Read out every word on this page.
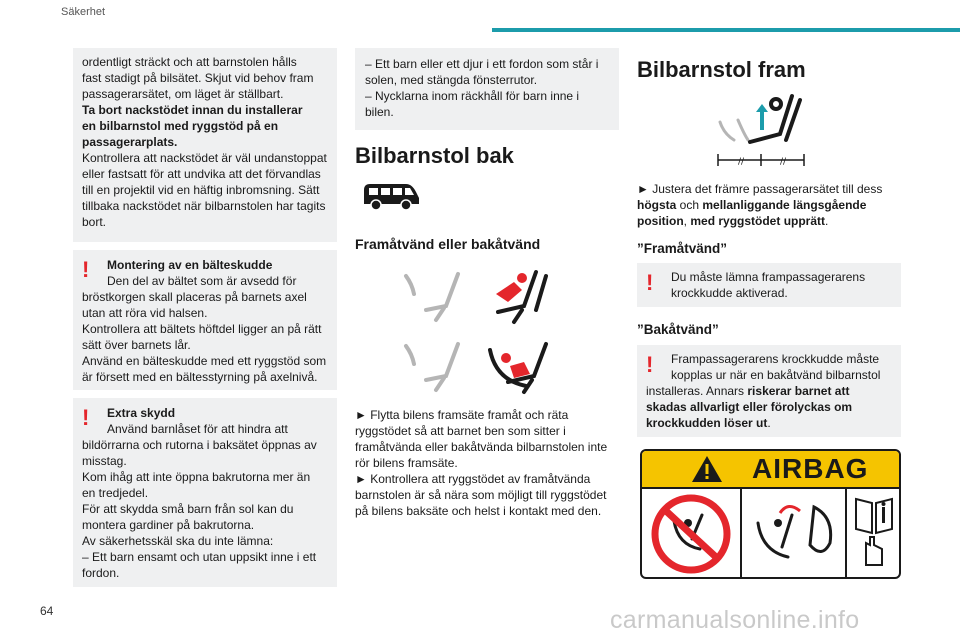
Säkerhet

ordentligt sträckt och att barnstolen hålls

fast stadigt på bilsätet. Skjut vid behov fram

passagerarsätet, om läget är ställbart.

Ta bort nackstödet innan du installerar

en bilbarnstol med ryggstöd på en

passagerarplats.

Kontrollera att nackstödet är väl undanstoppat

eller fastsatt för att undvika att det förvandlas

till en projektil vid en häftig inbromsning. Sätt

tillbaka nackstödet när bilbarnstolen har tagits

bort.

!	Montering av en bälteskudde

Den del av bältet som är avsedd för

bröstkorgen skall placeras på barnets axel

utan att röra vid halsen.

Kontrollera att bältets höftdel ligger an på rätt

sätt över barnets lår.

Använd en bälteskudde med ett ryggstöd som

är försett med en bältesstyrning på axelnivå.

!	Extra skydd

Använd barnlåset för att hindra att

bildörrarna och rutorna i baksätet öppnas av

misstag.

Kom ihåg att inte öppna bakrutorna mer än

en tredjedel.

För att skydda små barn från sol kan du

montera gardiner på bakrutorna.

Av säkerhetsskäl ska du inte lämna:

– Ett barn ensamt och utan uppsikt inne i ett

fordon.

– Ett barn eller ett djur i ett fordon som står i

solen, med stängda fönsterrutor.

– Nycklarna inom räckhåll för barn inne i

bilen.

Bilbarnstol bak
Framåtvänd eller bakåtvänd
► Flytta bilens framsäte framåt och räta
ryggstödet så att barnet ben som sitter i
framåtvända eller bakåtvända bilbarnstolen inte
rör bilens framsäte.
► Kontrollera att ryggstödet av framåtvända
barnstolen är så nära som möjligt till ryggstödet
på bilens baksäte och helst i kontakt med den.
Bilbarnstol fram
//	//
► Justera det främre passagerarsätet till dess
högsta och mellanliggande längsgående
position, med ryggstödet upprätt.
”Framåtvänd”
!	Du måste lämna frampassagerarens

krockkudde aktiverad.

”Bakåtvänd”
!	Frampassagerarens krockkudde måste

kopplas ur när en bakåtvänd bilbarnstol

installeras. Annars riskerar barnet att

skadas allvarligt eller förolyckas om

krockkudden löser ut.

AIRBAG
64	carmanualsonline.info
